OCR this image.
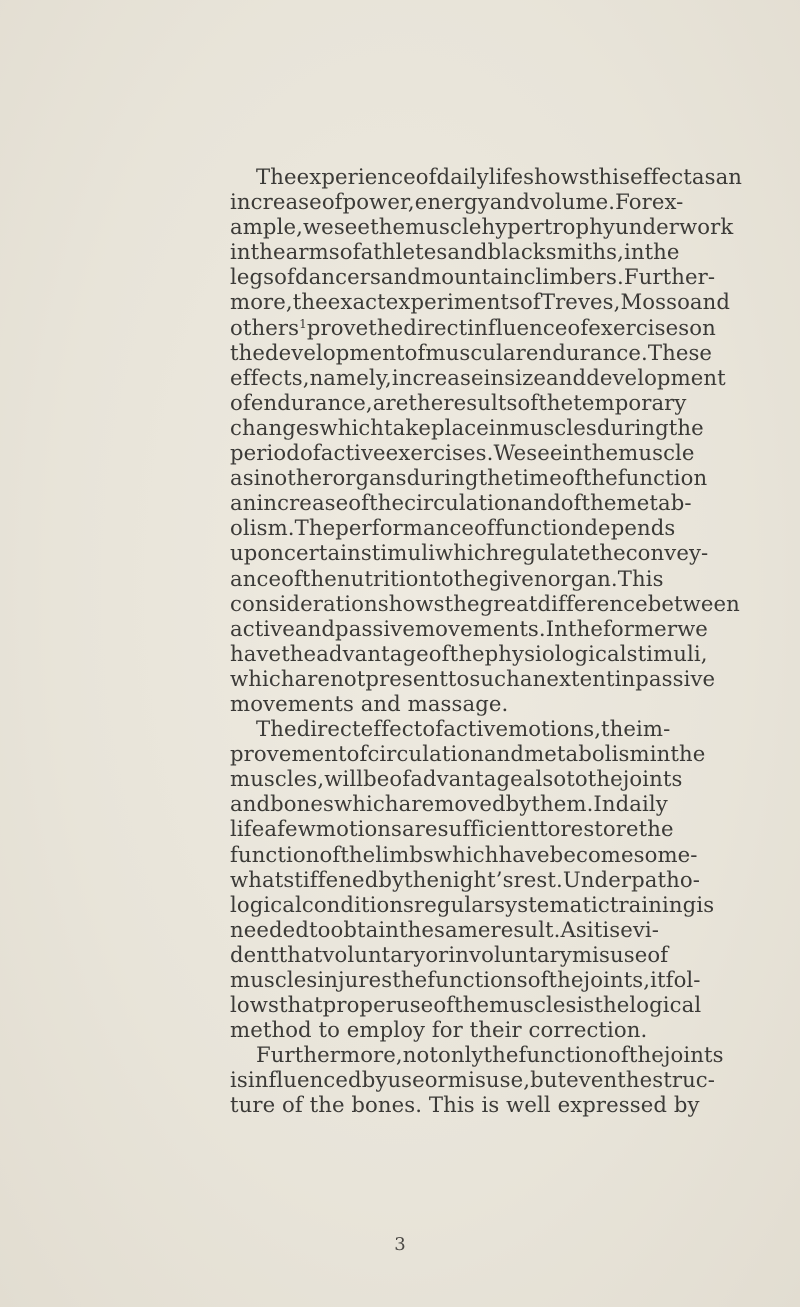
The experience of daily life shows this effect as an
increase of power, energy and volume. For ex-
ample, we see the muscle hypertrophy under work
in the arms of athletes and blacksmiths, in the
legs of dancers and mountain climbers. Further-
more, the exact experiments of Treves, Mosso and
others $^1$ prove the direct influence of exercises on
the development of muscular endurance. These
effects, namely, increase in size and development
of endurance, are the results of the temporary
changes which take place in muscles during the
period of active exercises. We see in the muscle
as in other organs during the time of the function
an increase of the circulation and of the metab-
olism. The performance of function depends
upon certain stimuli which regulate the convey-
ance of the nutrition to the given organ. This
consideration shows the great difference between
active and passive movements. In the former we
have the advantage of the physiological stimuli,
which are not present to such an extent in passive
movements and massage.
The direct effect of active motions, the im-
provement of circulation and metabolism in the
muscles, will be of advantage also to the joints
and bones which are moved by them. In daily
life a few motions are sufficient to restore the
function of the limbs which have become some-
what stiffened by the night’s rest. Under patho-
logical conditions regular systematic training is
needed to obtain the same result. As it is evi-
dent that voluntary or involuntary misuse of
muscles injures the functions of the joints, it fol-
lows that proper use of the muscles is the logical
method to employ for their correction.
Furthermore, not only the function of the joints
is influenced by use or misuse, but even the struc-
ture of the bones. This is well expressed by
3
